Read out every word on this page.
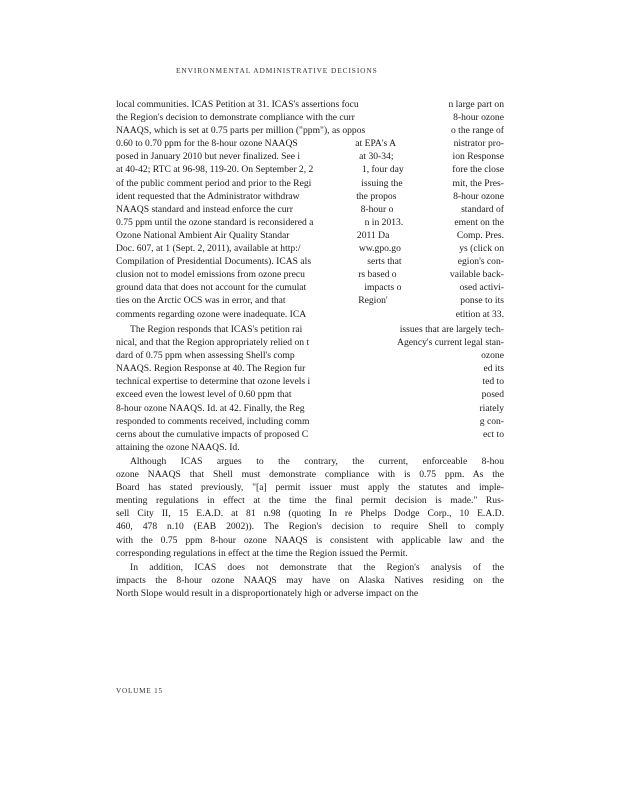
ENVIRONMENTAL ADMINISTRATIVE DECISIONS
local communities. ICAS Petition at 31. ICAS's assertions focu	n large part on
the Region's decision to demonstrate compliance with the curr	8-hour ozone
NAAQS, which is set at 0.75 parts per million ("ppm"), as oppos	o the range of
0.60 to 0.70 ppm for the 8-hour ozone NAAQS	at EPA's A	nistrator pro-
posed in January 2010 but never finalized. See i	at 30-34;	ion Response
at 40-42; RTC at 96-98, 119-20. On September 2, 2	1, four day	fore the close
of the public comment period and prior to the Regi	issuing the	mit, the Pres-
ident requested that the Administrator withdraw	the propos	8-hour ozone
NAAQS standard and instead enforce the curr	8-hour o	standard of
0.75 ppm until the ozone standard is reconsidered a	n in 2013.	ement on the
Ozone National Ambient Air Quality Standar	2011 Da	Comp. Pres.
Doc. 607, at 1 (Sept. 2, 2011), available at http:/	ww.gpo.go	ys (click on
Compilation of Presidential Documents). ICAS als	serts that	egion's con-
clusion not to model emissions from ozone precu	rs based o	vailable back-
ground data that does not account for the cumulat	impacts o	osed activi-
ties on the Arctic OCS was in error, and that	Region'	ponse to its
comments regarding ozone were inadequate. ICA	etition at 33.
The Region responds that ICAS's petition rai	issues that are largely tech-
nical, and that the Region appropriately relied on t	Agency's current legal stan-
dard of 0.75 ppm when assessing Shell's comp	ozone
NAAQS. Region Response at 40. The Region fur	ed its
technical expertise to determine that ozone levels i	ted to
exceed even the lowest level of 0.60 ppm that	posed
8-hour ozone NAAQS. Id. at 42. Finally, the Reg	riately
responded to comments received, including comm	g con-
cerns about the cumulative impacts of proposed C	ect to
attaining the ozone NAAQS. Id.
Although ICAS argues to the contrary, the current, enforceable 8-hou
ozone NAAQS that Shell must demonstrate compliance with is 0.75 ppm. As the
Board has stated previously, "[a] permit issuer must apply the statutes and imple-
menting regulations in effect at the time the final permit decision is made." Rus-
sell City II, 15 E.A.D. at 81 n.98 (quoting In re Phelps Dodge Corp., 10 E.A.D.
460, 478 n.10 (EAB 2002)). The Region's decision to require Shell to comply
with the 0.75 ppm 8-hour ozone NAAQS is consistent with applicable law and the
corresponding regulations in effect at the time the Region issued the Permit.
In addition, ICAS does not demonstrate that the Region's analysis of the
impacts the 8-hour ozone NAAQS may have on Alaska Natives residing on the
North Slope would result in a disproportionately high or adverse impact on the
VOLUME 15
